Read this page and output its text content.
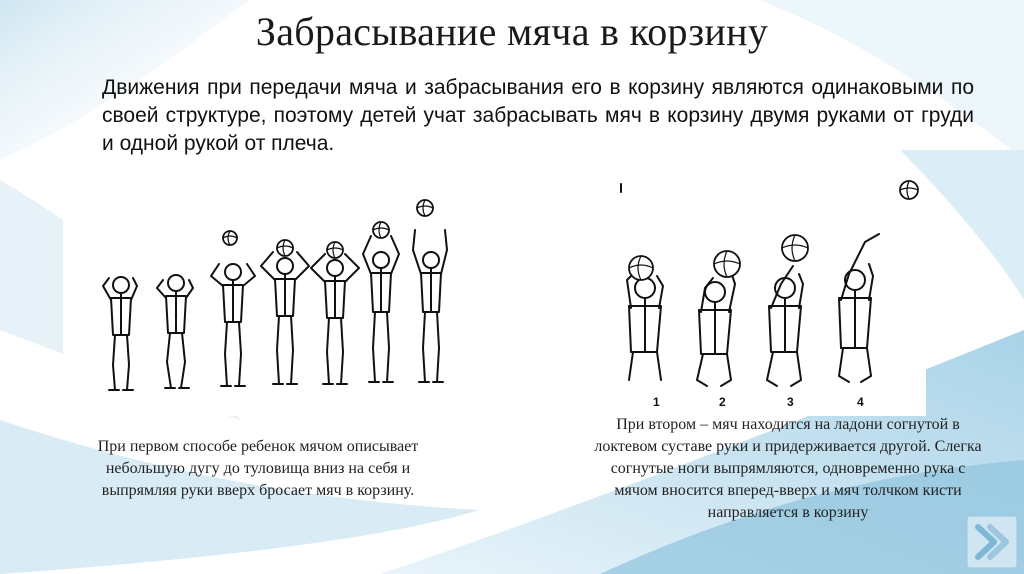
Забрасывание мяча в корзину
Движения при передачи мяча и забрасывания его в корзину являются одинаковыми по своей структуре, поэтому детей учат забрасывать мяч в корзину двумя руками от груди и одной рукой от плеча.
1	2	3	4
При первом способе ребенок мячом описывает небольшую дугу до туловища вниз на себя и выпрямляя руки вверх бросает мяч в корзину.
При втором – мяч находится на ладони согнутой в локтевом суставе руки и придерживается другой. Слегка согнутые ноги выпрямляются, одновременно рука с мячом вносится вперед-вверх и мяч толчком кисти направляется в корзину
